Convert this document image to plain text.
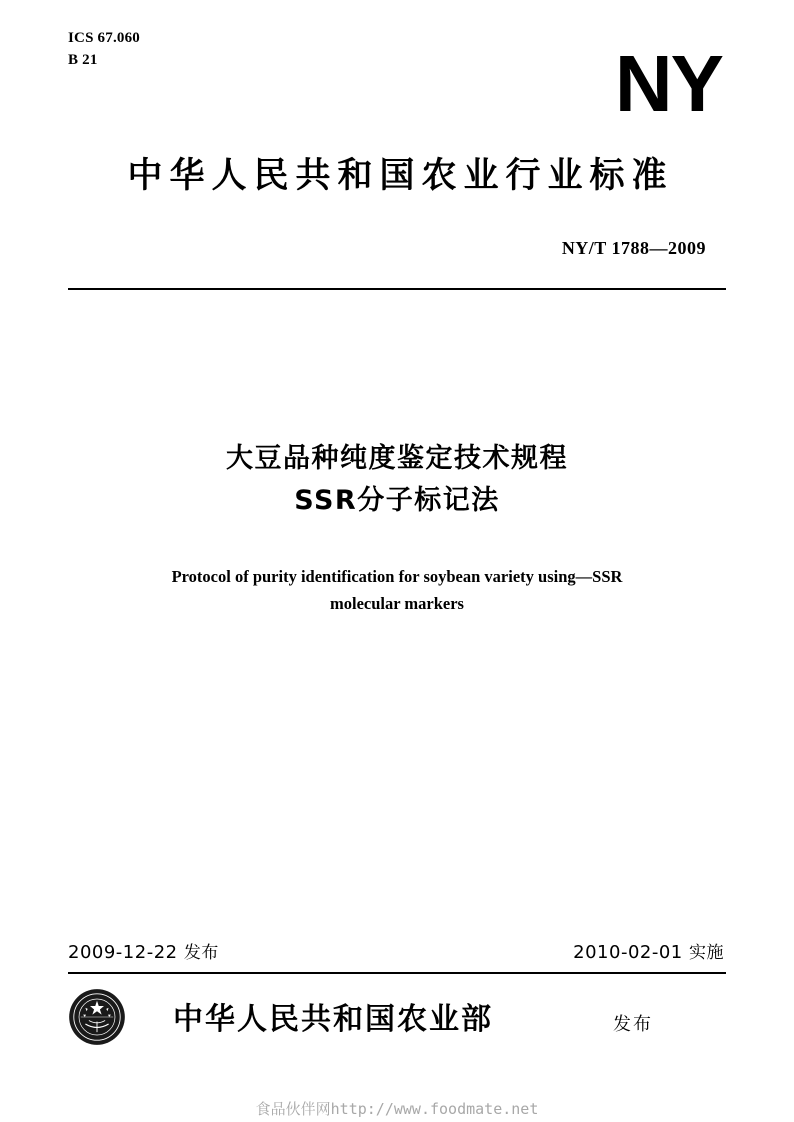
ICS 67.060
B 21	NY
中华人民共和国农业行业标准
NY/T 1788—2009
大豆品种纯度鉴定技术规程
SSR分子标记法
Protocol of purity identification for soybean variety using—SSR
molecular markers
2009-12-22 发布	2010-02-01 实施
中华人民共和国农业部	发布
食品伙伴网http://www.foodmate.net
